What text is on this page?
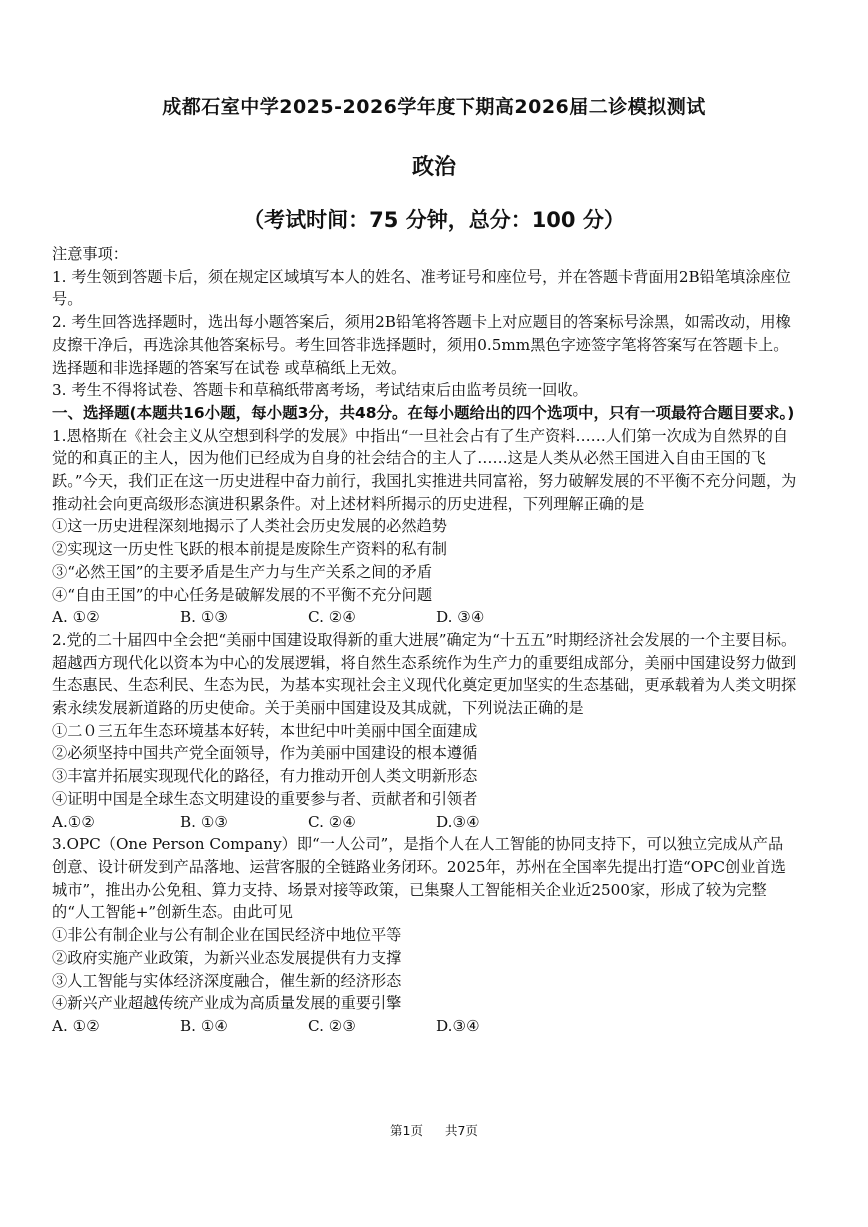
成都石室中学2025-2026学年度下期高2026届二诊模拟测试
政治
（考试时间：75 分钟，总分：100 分）

注意事项：

1. 考生领到答题卡后，须在规定区域填写本人的姓名、准考证号和座位号，并在答题卡背面用2B铅笔填涂座位号。

2. 考生回答选择题时，选出每小题答案后，须用2B铅笔将答题卡上对应题目的答案标号涂黑，如需改动，用橡皮擦干净后，再选涂其他答案标号。考生回答非选择题时，须用0.5mm黑色字迹签字笔将答案写在答题卡上。选择题和非选择题的答案写在试卷 或草稿纸上无效。

3. 考生不得将试卷、答题卡和草稿纸带离考场，考试结束后由监考员统一回收。

一、选择题(本题共16小题，每小题3分，共48分。在每小题给出的四个选项中，只有一项最符合题目要求。)

1.恩格斯在《社会主义从空想到科学的发展》中指出“一旦社会占有了生产资料……人们第一次成为自然界的自觉的和真正的主人，因为他们已经成为自身的社会结合的主人了……这是人类从必然王国进入自由王国的飞跃。”今天，我们正在这一历史进程中奋力前行，我国扎实推进共同富裕，努力破解发展的不平衡不充分问题，为推动社会向更高级形态演进积累条件。对上述材料所揭示的历史进程，下列理解正确的是

①这一历史进程深刻地揭示了人类社会历史发展的必然趋势

②实现这一历史性飞跃的根本前提是废除生产资料的私有制

③“必然王国”的主要矛盾是生产力与生产关系之间的矛盾

④“自由王国”的中心任务是破解发展的不平衡不充分问题

A. ①②	B. ①③	C. ②④	D. ③④

2.党的二十届四中全会把“美丽中国建设取得新的重大进展”确定为“十五五”时期经济社会发展的一个主要目标。超越西方现代化以资本为中心的发展逻辑，将自然生态系统作为生产力的重要组成部分，美丽中国建设努力做到生态惠民、生态利民、生态为民，为基本实现社会主义现代化奠定更加坚实的生态基础，更承载着为人类文明探索永续发展新道路的历史使命。关于美丽中国建设及其成就，下列说法正确的是

①二０三五年生态环境基本好转，本世纪中叶美丽中国全面建成

②必须坚持中国共产党全面领导，作为美丽中国建设的根本遵循

③丰富并拓展实现现代化的路径，有力推动开创人类文明新形态

④证明中国是全球生态文明建设的重要参与者、贡献者和引领者

A.①②	B. ①③	C. ②④	D.③④

3.OPC（One Person Company）即“一人公司”，是指个人在人工智能的协同支持下，可以独立完成从产品创意、设计研发到产品落地、运营客服的全链路业务闭环。2025年，苏州在全国率先提出打造“OPC创业首选城市”，推出办公免租、算力支持、场景对接等政策，已集聚人工智能相关企业近2500家，形成了较为完整的“人工智能+”创新生态。由此可见

①非公有制企业与公有制企业在国民经济中地位平等

②政府实施产业政策，为新兴业态发展提供有力支撑

③人工智能与实体经济深度融合，催生新的经济形态

④新兴产业超越传统产业成为高质量发展的重要引擎

A. ①②	B. ①④	C. ②③	D.③④
第1页 共7页
